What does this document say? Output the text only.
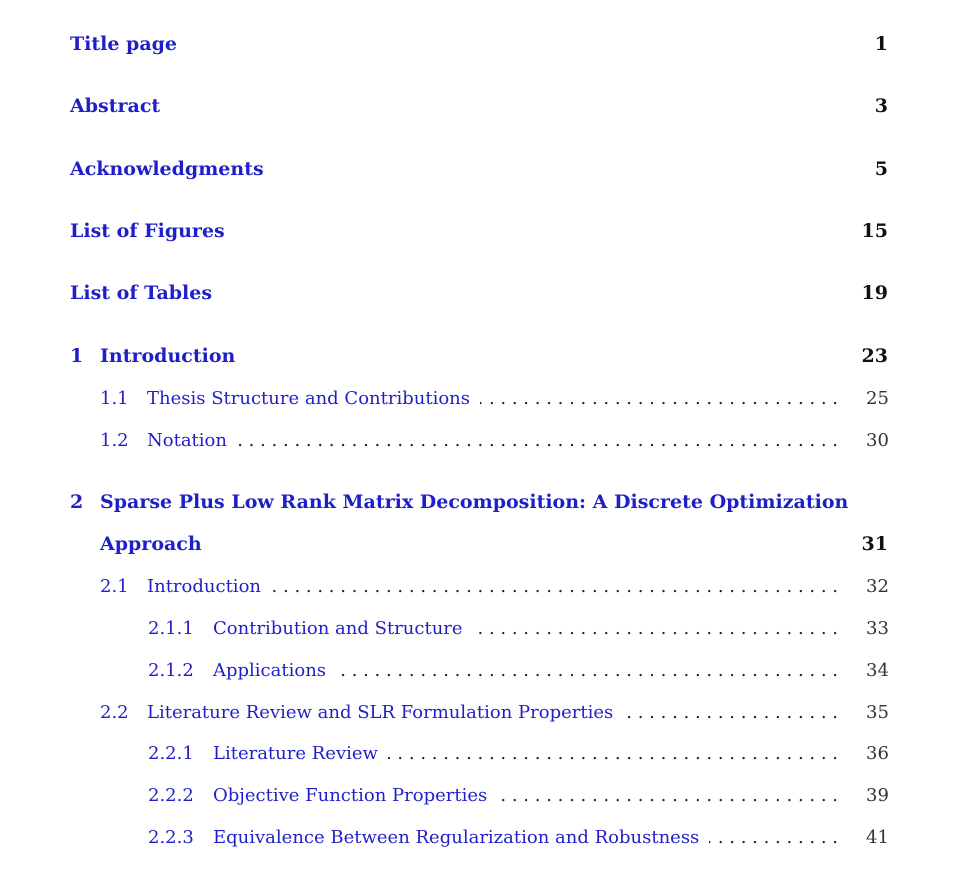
Title page	1
Abstract	3
Acknowledgments	5
List of Figures	15
List of Tables	19
1 Introduction	23
1.1	Thesis Structure and Contributions . . .	25
1.2	Notation . . .	30
2 Sparse Plus Low Rank Matrix Decomposition: A Discrete Optimization
Approach	31
2.1	Introduction . . .	32
2.1.1	Contribution and Structure . . .	33
2.1.2	Applications . . .	34
2.2	Literature Review and SLR Formulation Properties . . .	35
2.2.1	Literature Review . . .	36
2.2.2	Objective Function Properties . . .	39
2.2.3	Equivalence Between Regularization and Robustness . . .	41
